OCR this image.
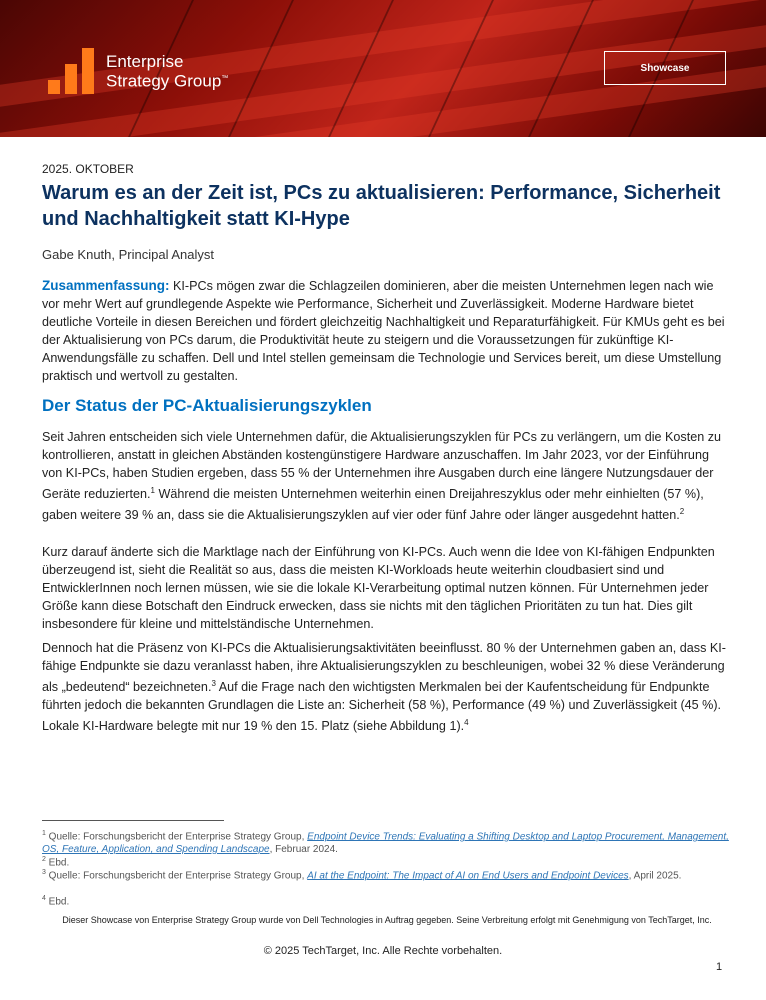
Enterprise
Strategy Group™
Showcase
2025. OKTOBER
Warum es an der Zeit ist, PCs zu aktualisieren: Performance, Sicherheit und Nachhaltigkeit statt KI-Hype
Gabe Knuth, Principal Analyst

Zusammenfassung: KI-PCs mögen zwar die Schlagzeilen dominieren, aber die meisten Unternehmen legen nach wie vor mehr Wert auf grundlegende Aspekte wie Performance, Sicherheit und Zuverlässigkeit. Moderne Hardware bietet deutliche Vorteile in diesen Bereichen und fördert gleichzeitig Nachhaltigkeit und Reparaturfähigkeit. Für KMUs geht es bei der Aktualisierung von PCs darum, die Produktivität heute zu steigern und die Voraussetzungen für zukünftige KI-Anwendungsfälle zu schaffen. Dell und Intel stellen gemeinsam die Technologie und Services bereit, um diese Umstellung praktisch und wertvoll zu gestalten.

Der Status der PC-Aktualisierungszyklen

Seit Jahren entscheiden sich viele Unternehmen dafür, die Aktualisierungszyklen für PCs zu verlängern, um die Kosten zu kontrollieren, anstatt in gleichen Abständen kostengünstigere Hardware anzuschaffen. Im Jahr 2023, vor der Einführung von KI-PCs, haben Studien ergeben, dass 55 % der Unternehmen ihre Ausgaben durch eine längere Nutzungsdauer der Geräte reduzierten.$^1$ Während die meisten Unternehmen weiterhin einen Dreijahreszyklus oder mehr einhielten (57 %), gaben weitere 39 % an, dass sie die Aktualisierungszyklen auf vier oder fünf Jahre oder länger ausgedehnt hatten.$^2$

Kurz darauf änderte sich die Marktlage nach der Einführung von KI-PCs. Auch wenn die Idee von KI-fähigen Endpunkten überzeugend ist, sieht die Realität so aus, dass die meisten KI-Workloads heute weiterhin cloudbasiert sind und EntwicklerInnen noch lernen müssen, wie sie die lokale KI-Verarbeitung optimal nutzen können. Für Unternehmen jeder Größe kann diese Botschaft den Eindruck erwecken, dass sie nichts mit den täglichen Prioritäten zu tun hat. Dies gilt insbesondere für kleine und mittelständische Unternehmen.

Dennoch hat die Präsenz von KI-PCs die Aktualisierungsaktivitäten beeinflusst. 80 % der Unternehmen gaben an, dass KI-fähige Endpunkte sie dazu veranlasst haben, ihre Aktualisierungszyklen zu beschleunigen, wobei 32 % diese Veränderung als „bedeutend“ bezeichneten.$^3$ Auf die Frage nach den wichtigsten Merkmalen bei der Kaufentscheidung für Endpunkte führten jedoch die bekannten Grundlagen die Liste an: Sicherheit (58 %), Performance (49 %) und Zuverlässigkeit (45 %). Lokale KI-Hardware belegte mit nur 19 % den 15. Platz (siehe Abbildung 1).$^4$

$^1$ Quelle: Forschungsbericht der Enterprise Strategy Group, Endpoint Device Trends: Evaluating a Shifting Desktop and Laptop Procurement, Management, OS, Feature, Application, and Spending Landscape, Februar 2024.

$^2$ Ebd.

$^3$ Quelle: Forschungsbericht der Enterprise Strategy Group, AI at the Endpoint: The Impact of AI on End Users and Endpoint Devices, April 2025.

$^4$ Ebd.

Dieser Showcase von Enterprise Strategy Group wurde von Dell Technologies in Auftrag gegeben. Seine Verbreitung erfolgt mit Genehmigung von TechTarget, Inc.

© 2025 TechTarget, Inc. Alle Rechte vorbehalten.
1
